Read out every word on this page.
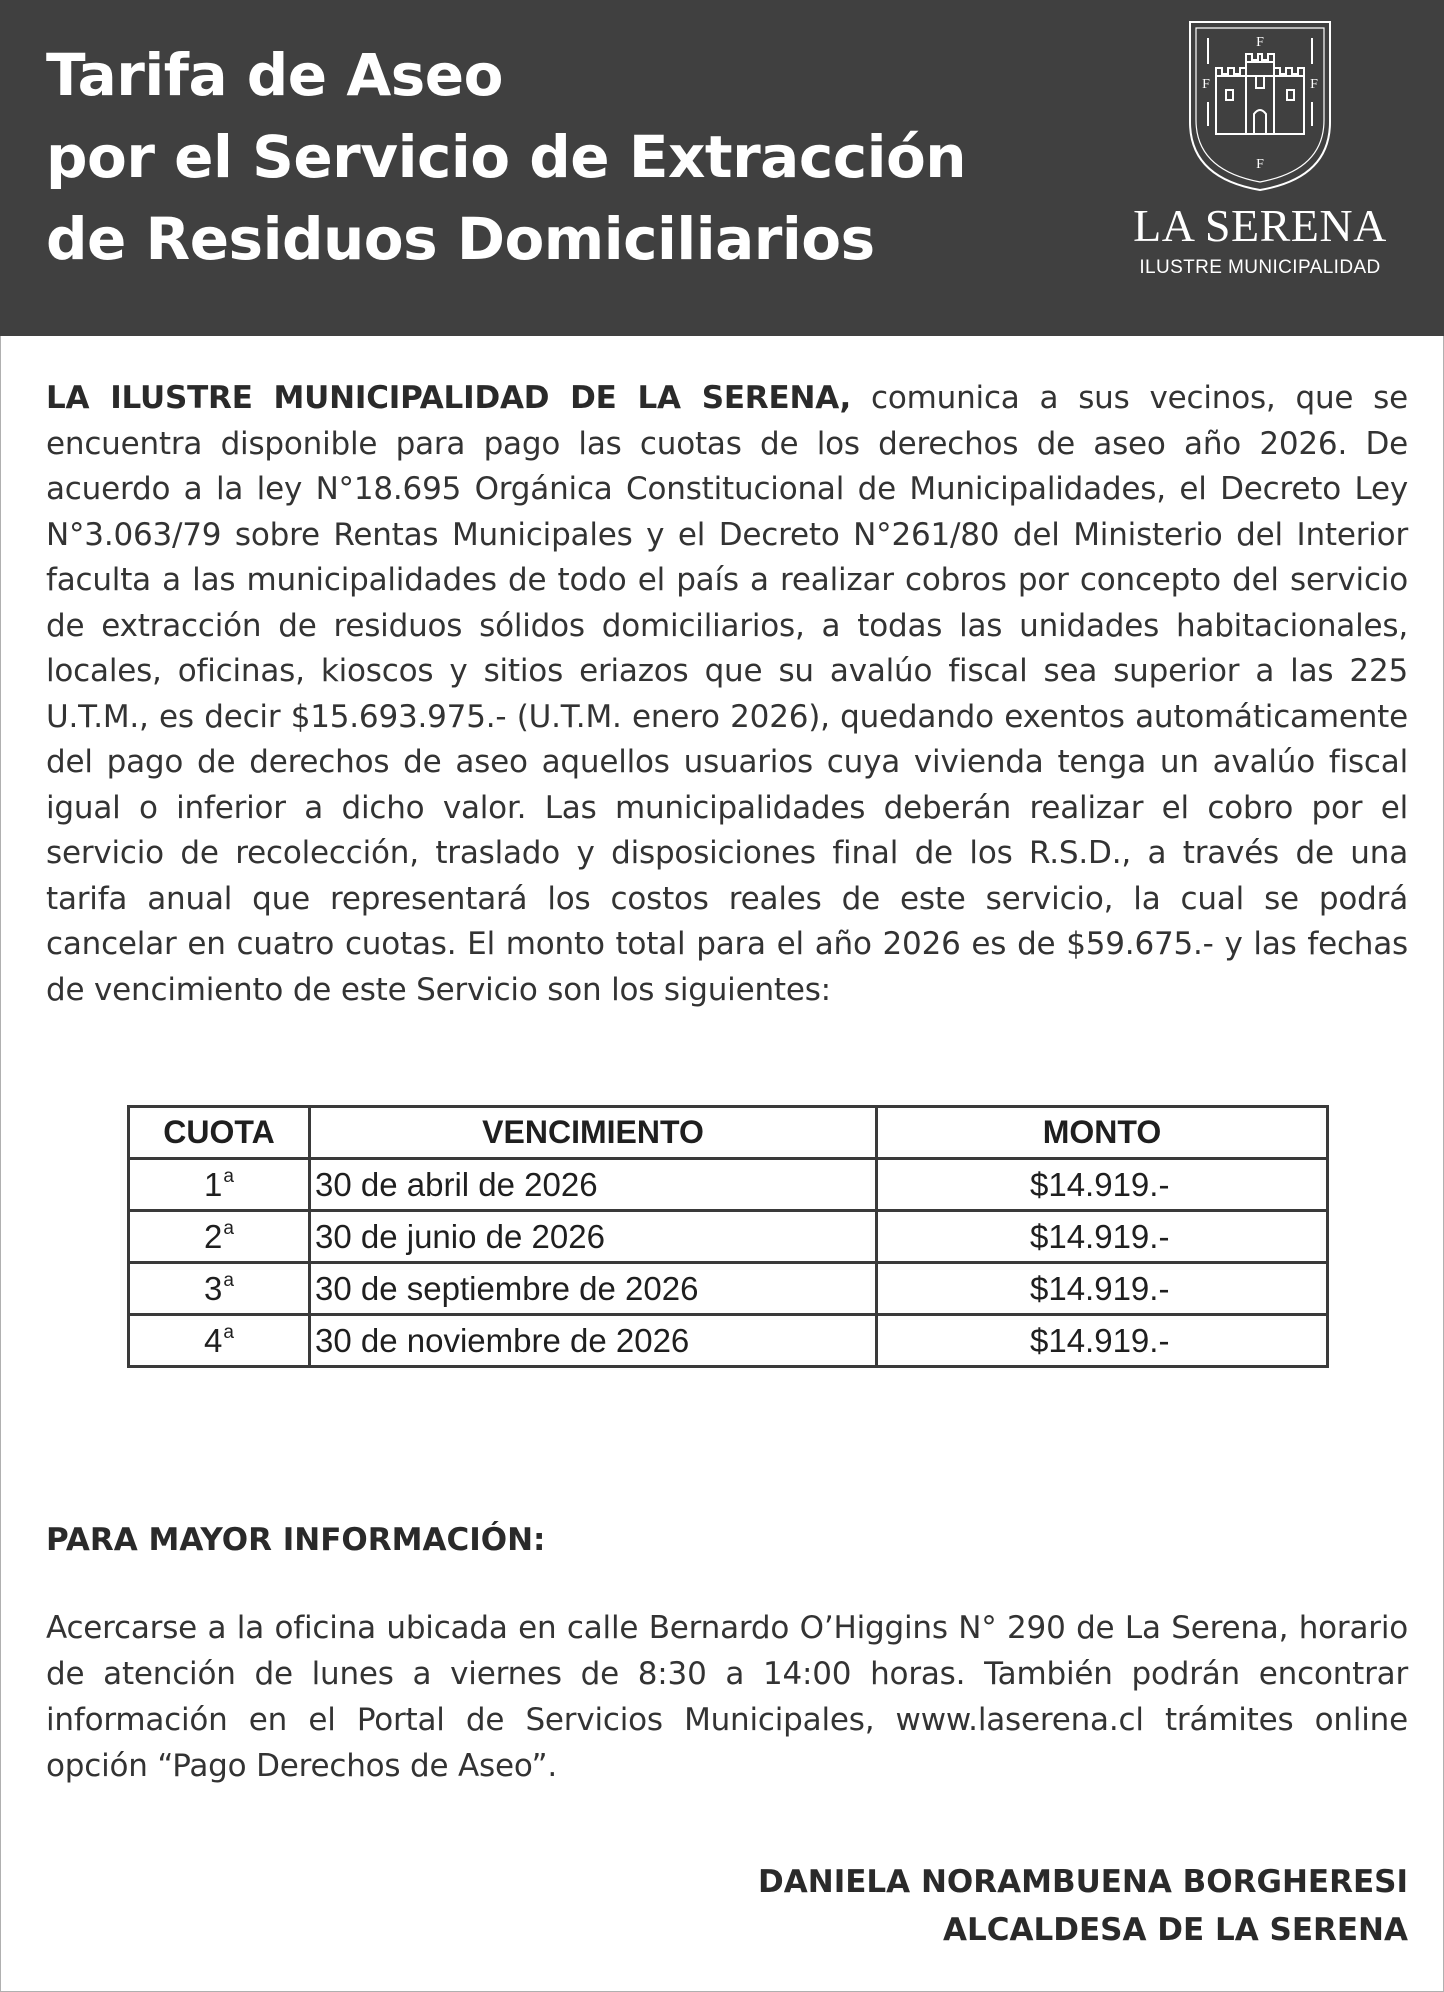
Tarifa de Aseo
por el Servicio de Extracción
de Residuos Domiciliarios
F
F	F
F
LA SERENA
ILUSTRE MUNICIPALIDAD
LA ILUSTRE MUNICIPALIDAD DE LA SERENA, comunica a sus vecinos, que se encuentra disponible para pago las cuotas de los derechos de aseo año 2026. De acuerdo a la ley N°18.695 Orgánica Constitucional de Municipalidades, el Decreto Ley N°3.063/79 sobre Rentas Municipales y el Decreto N°261/80 del Ministerio del Interior faculta a las municipalidades de todo el país a realizar cobros por concepto del servicio de extracción de residuos sólidos domiciliarios, a todas las unidades habitacionales, locales, oficinas, kioscos y sitios eriazos que su avalúo fiscal sea superior a las 225 U.T.M., es decir $15.693.975.- (U.T.M. enero 2026), quedando exentos automáticamente del pago de derechos de aseo aquellos usuarios cuya vivienda tenga un avalúo fiscal igual o inferior a dicho valor. Las municipalidades deberán realizar el cobro por el servicio de recolección, traslado y disposiciones final de los R.S.D., a través de una tarifa anual que representará los costos reales de este servicio, la cual se podrá cancelar en cuatro cuotas. El monto total para el año 2026 es de $59.675.- y las fechas de vencimiento de este Servicio son los siguientes:
CUOTA	VENCIMIENTO	MONTO
1$^a$	30 de abril de 2026	$14.919.-
2$^a$	30 de junio de 2026	$14.919.-
3$^a$	30 de septiembre de 2026	$14.919.-
4$^a$	30 de noviembre de 2026	$14.919.-
PARA MAYOR INFORMACIÓN:
Acercarse a la oficina ubicada en calle Bernardo O’Higgins N° 290 de La Serena, horario de atención de lunes a viernes de 8:30 a 14:00 horas. También podrán encontrar información en el Portal de Servicios Municipales, www.laserena.cl trámites online opción “Pago Derechos de Aseo”.
DANIELA NORAMBUENA BORGHERESI
ALCALDESA DE LA SERENA
